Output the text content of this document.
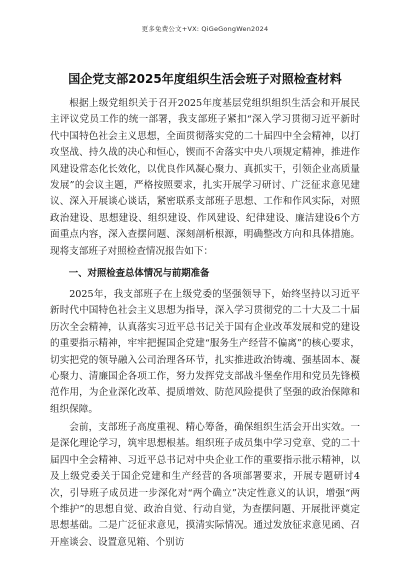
更多免费公文+VX: QiGeGongWen2024
国企党支部2025年度组织生活会班子对照检查材料

根据上级党组织关于召开2025年度基层党组织组织生活会和开展民主评议党员工作的统一部署，我支部班子紧扣“深入学习贯彻习近平新时代中国特色社会主义思想，全面贯彻落实党的二十届四中全会精神，以打攻坚战、持久战的决心和恒心，锲而不舍落实中央八项规定精神，推进作风建设常态化长效化，以优良作风凝心聚力、真抓实干，引领企业高质量发展”的会议主题，严格按照要求，扎实开展学习研讨、广泛征求意见建议、深入开展谈心谈话，紧密联系支部班子思想、工作和作风实际，对照政治建设、思想建设、组织建设、作风建设、纪律建设、廉洁建设6个方面重点内容，深入查摆问题、深刻剖析根源，明确整改方向和具体措施。现将支部班子对照检查情况报告如下：

一、对照检查总体情况与前期准备

2025年，我支部班子在上级党委的坚强领导下，始终坚持以习近平新时代中国特色社会主义思想为指导，深入学习贯彻党的二十大及二十届历次全会精神，认真落实习近平总书记关于国有企业改革发展和党的建设的重要指示精神，牢牢把握国企党建“服务生产经营不偏离”的核心要求，切实把党的领导融入公司治理各环节，扎实推进政治铸魂、强基固本、凝心聚力、清廉国企各项工作，努力发挥党支部战斗堡垒作用和党员先锋模范作用，为企业深化改革、提质增效、防范风险提供了坚强的政治保障和组织保障。

会前，支部班子高度重视、精心筹备，确保组织生活会开出实效。一是深化理论学习，筑牢思想根基。组织班子成员集中学习党章、党的二十届四中全会精神、习近平总书记对中央企业工作的重要指示批示精神，以及上级党委关于国企党建和生产经营的各项部署要求，开展专题研讨4次，引导班子成员进一步深化对“两个确立”决定性意义的认识，增强“两个维护”的思想自觉、政治自觉、行动自觉，为查摆问题、开展批评奠定思想基础。二是广泛征求意见，摸清实际情况。通过发放征求意见函、召开座谈会、设置意见箱、个别访
